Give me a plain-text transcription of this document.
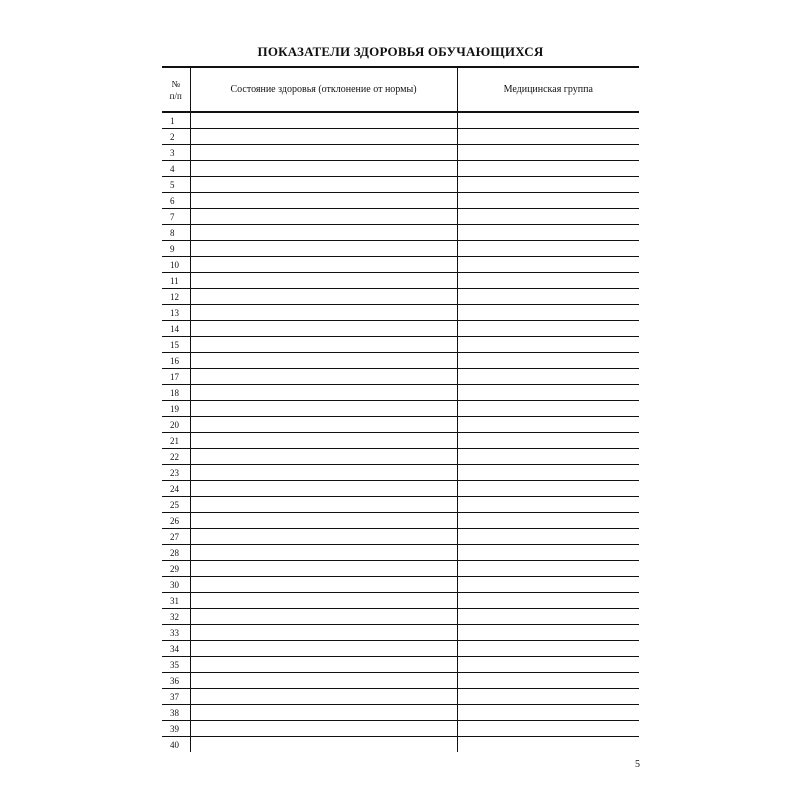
ПОКАЗАТЕЛИ ЗДОРОВЬЯ ОБУЧАЮЩИХСЯ
№
п/п	Состояние здоровья (отклонение от нормы)	Медицинская группа
1		
2		
3		
4		
5		
6		
7		
8		
9		
10		
11		
12		
13		
14		
15		
16		
17		
18		
19		
20		
21		
22		
23		
24		
25		
26		
27		
28		
29		
30		
31		
32		
33		
34		
35		
36		
37		
38		
39		
40		
5
